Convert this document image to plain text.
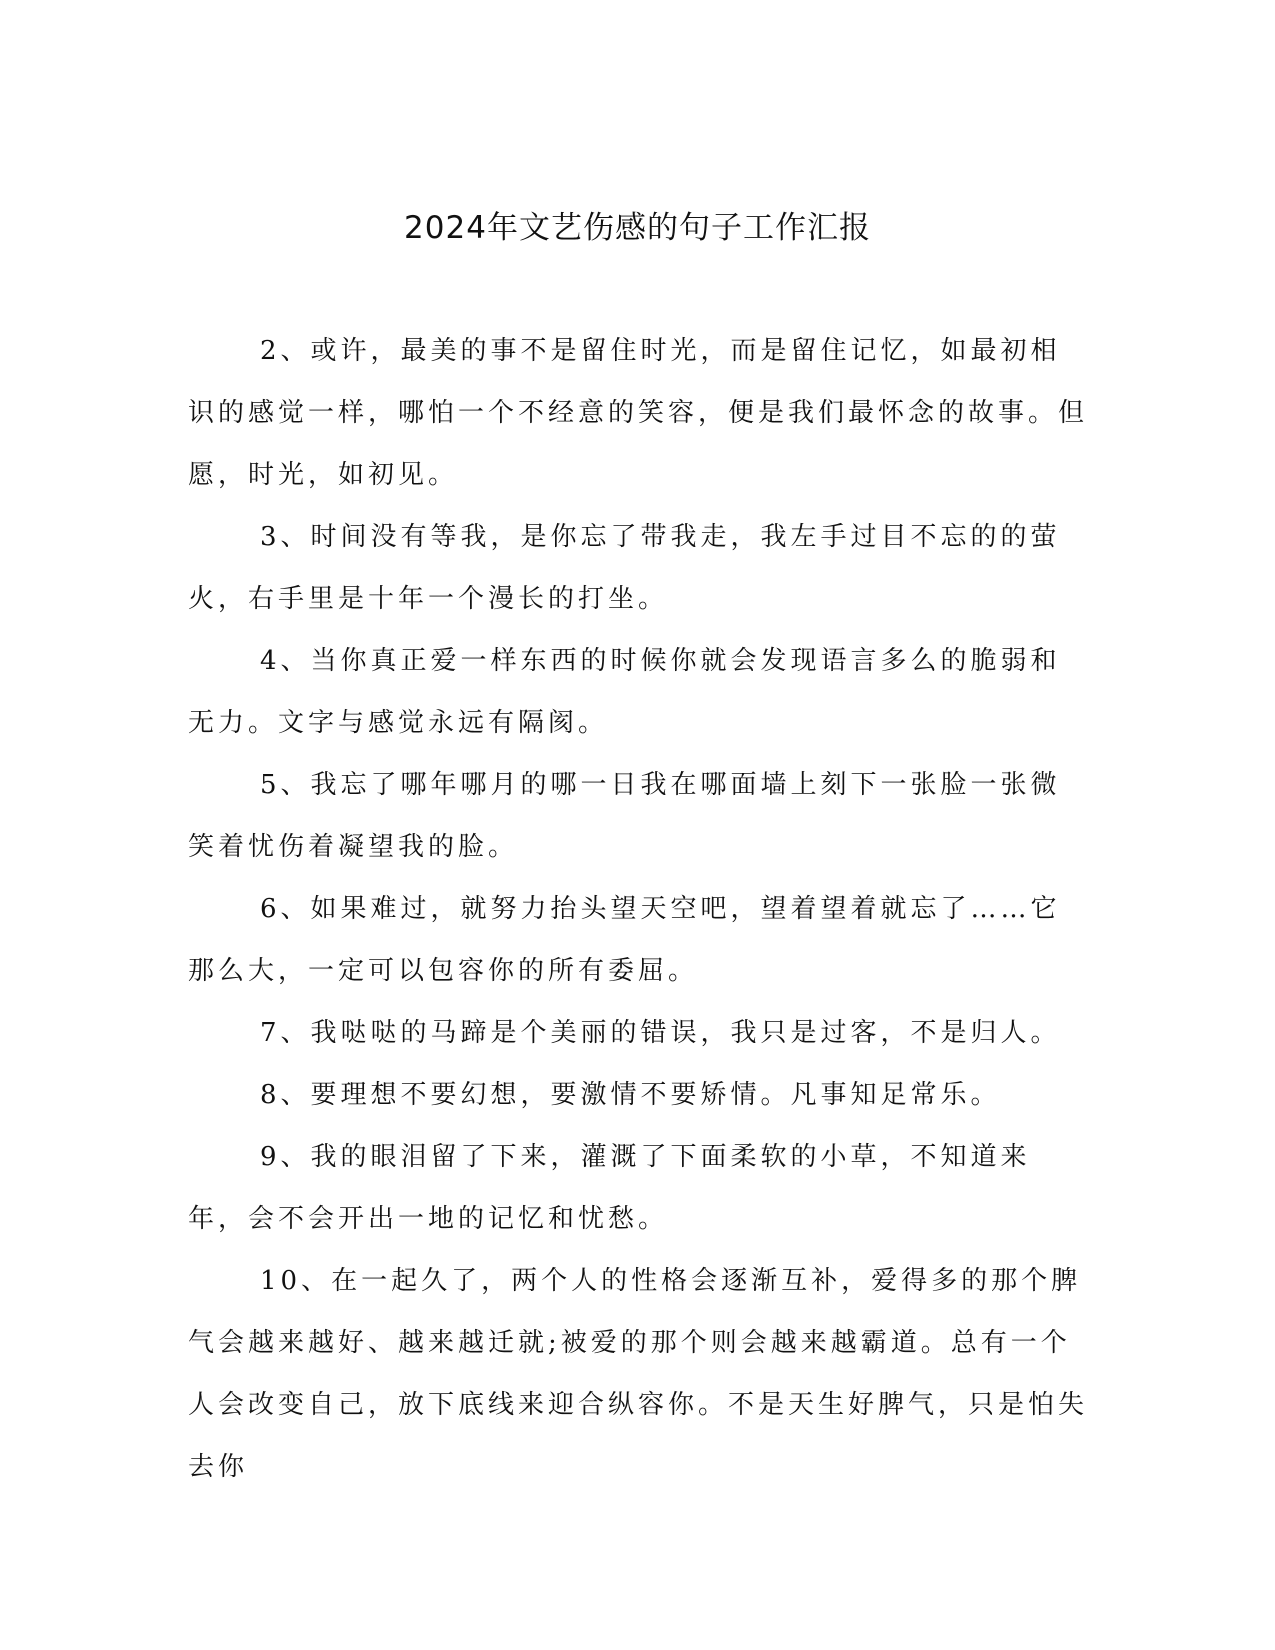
2024年文艺伤感的句子工作汇报

2、或许，最美的事不是留住时光，而是留住记忆，如最初相识的感觉一样，哪怕一个不经意的笑容，便是我们最怀念的故事。但愿，时光，如初见。

3、时间没有等我，是你忘了带我走，我左手过目不忘的的萤火，右手里是十年一个漫长的打坐。

4、当你真正爱一样东西的时候你就会发现语言多么的脆弱和无力。文字与感觉永远有隔阂。

5、我忘了哪年哪月的哪一日我在哪面墙上刻下一张脸一张微笑着忧伤着凝望我的脸。

6、如果难过，就努力抬头望天空吧，望着望着就忘了……它那么大，一定可以包容你的所有委屈。

7、我哒哒的马蹄是个美丽的错误，我只是过客，不是归人。

8、要理想不要幻想，要激情不要矫情。凡事知足常乐。

9、我的眼泪留了下来，灌溉了下面柔软的小草，不知道来年，会不会开出一地的记忆和忧愁。

10、在一起久了，两个人的性格会逐渐互补，爱得多的那个脾气会越来越好、越来越迁就;被爱的那个则会越来越霸道。总有一个人会改变自己，放下底线来迎合纵容你。不是天生好脾气，只是怕失去你
